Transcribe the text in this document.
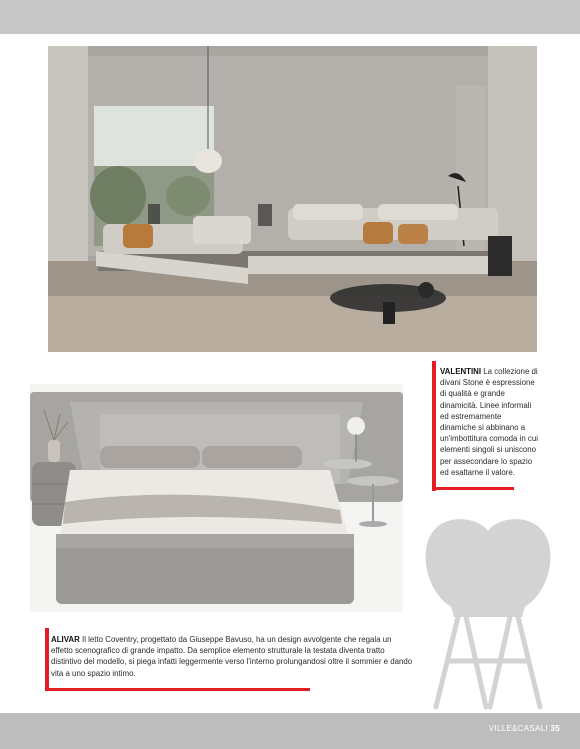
VALENTINI La collezione di divani Stone è espressione di qualità e grande dinamicità. Linee informali ed estremamente dinamiche si abbinano a un'imbottitura comoda in cui elementi singoli si uniscono per assecondare lo spazio ed esaltarne il valore.
ALIVAR Il letto Coventry, progettato da Giuseppe Bavuso, ha un design avvolgente che regala un effetto scenografico di grande impatto. Da semplice elemento strutturale la testata diventa tratto distintivo del modello, si piega infatti leggermente verso l'interno prolungandosi oltre il sommier e dando vita a uno spazio intimo.
VILLE&CASALI 35
